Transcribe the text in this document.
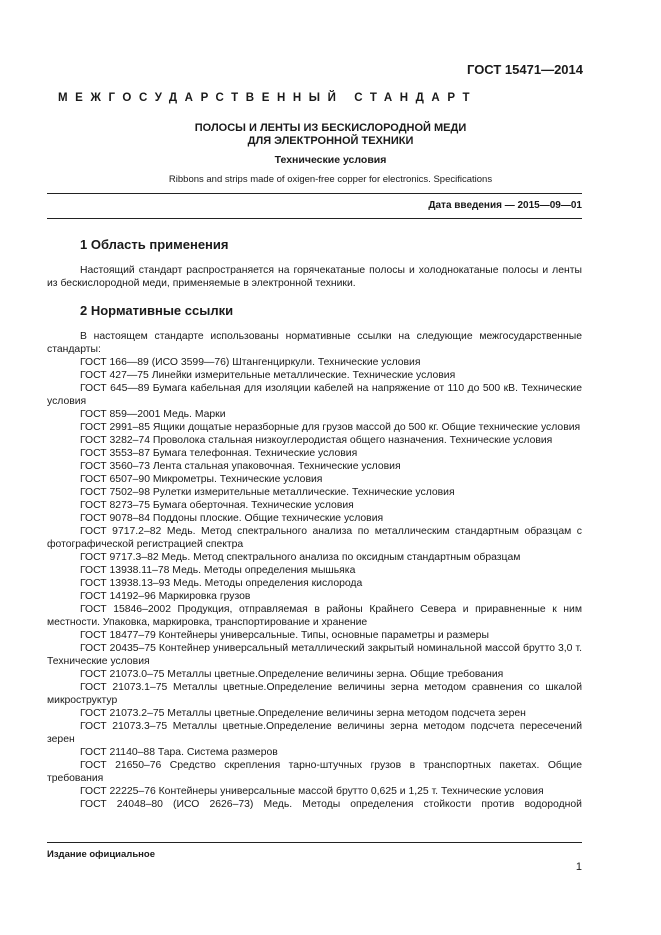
ГОСТ 15471—2014
МЕЖГОСУДАРСТВЕННЫЙ СТАНДАРТ
ПОЛОСЫ И ЛЕНТЫ ИЗ БЕСКИСЛОРОДНОЙ МЕДИ
ДЛЯ ЭЛЕКТРОННОЙ ТЕХНИКИ
Технические условия
Ribbons and strips made of oxigen-free copper for electronics. Specifications
Дата введения — 2015—09—01
1 Область применения
Настоящий стандарт распространяется на горячекатаные полосы и холоднокатаные полосы и ленты из бескислородной меди, применяемые в электронной техники.
2 Нормативные ссылки

В настоящем стандарте использованы нормативные ссылки на следующие межгосударственные стандарты:

ГОСТ 166—89 (ИСО 3599—76) Штангенциркули. Технические условия

ГОСТ 427—75 Линейки измерительные металлические. Технические условия

ГОСТ 645—89 Бумага кабельная для изоляции кабелей на напряжение от 110 до 500 кВ. Технические условия

ГОСТ 859—2001 Медь. Марки

ГОСТ 2991–85 Ящики дощатые неразборные для грузов массой до 500 кг. Общие технические условия

ГОСТ 3282–74 Проволока стальная низкоуглеродистая общего назначения. Технические условия

ГОСТ 3553–87 Бумага телефонная. Технические условия

ГОСТ 3560–73 Лента стальная упаковочная. Технические условия

ГОСТ 6507–90 Микрометры. Технические условия

ГОСТ 7502–98 Рулетки измерительные металлические. Технические условия

ГОСТ 8273–75 Бумага оберточная. Технические условия

ГОСТ 9078–84 Поддоны плоские. Общие технические условия

ГОСТ 9717.2–82 Медь. Метод спектрального анализа по металлическим стандартным образцам с фотографической регистрацией спектра

ГОСТ 9717.3–82 Медь. Метод спектрального анализа по оксидным стандартным образцам

ГОСТ 13938.11–78 Медь. Методы определения мышьяка

ГОСТ 13938.13–93 Медь. Методы определения кислорода

ГОСТ 14192–96 Маркировка грузов

ГОСТ 15846–2002 Продукция, отправляемая в районы Крайнего Севера и приравненные к ним местности. Упаковка, маркировка, транспортирование и хранение

ГОСТ 18477–79 Контейнеры универсальные. Типы, основные параметры и размеры

ГОСТ 20435–75 Контейнер универсальный металлический закрытый номинальной массой брутто 3,0 т. Технические условия

ГОСТ 21073.0–75 Металлы цветные.Определение величины зерна. Общие требования

ГОСТ 21073.1–75 Металлы цветные.Определение величины зерна методом сравнения со шкалой микроструктур

ГОСТ 21073.2–75 Металлы цветные.Определение величины зерна методом подсчета зерен

ГОСТ 21073.3–75 Металлы цветные.Определение величины зерна методом подсчета пересечений зерен

ГОСТ 21140–88 Тара. Система размеров

ГОСТ 21650–76 Средство скрепления тарно-штучных грузов в транспортных пакетах. Общие требования

ГОСТ 22225–76 Контейнеры универсальные массой брутто 0,625 и 1,25 т. Технические условия

ГОСТ 24048–80 (ИСО 2626–73) Медь. Методы определения стойкости против водородной

Издание официальное
1
